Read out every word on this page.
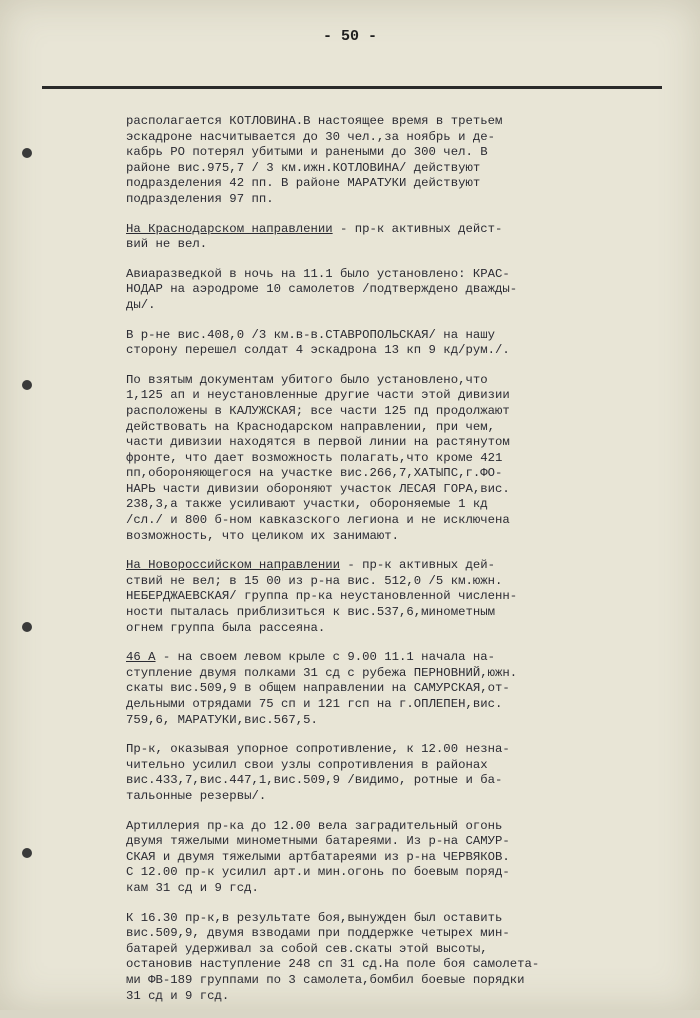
- 50 -
располагается КОТЛОВИНА.В настоящее время в третьем
эскадроне насчитывается до 30 чел.,за ноябрь и де-
кабрь РО потерял убитыми и ранеными до 300 чел. В
районе вис.975,7 / 3 км.ижн.КОТЛОВИНА/ действуют
подразделения 42 пп. В районе МАРАТУКИ действуют
подразделения 97 пп.
На Краснодарском направлении - пр-к активных дейст-
вий не вел.
Авиаразведкой в ночь на 11.1 было установлено: КРАС-
НОДАР на аэродроме 10 самолетов /подтверждено дважды-
ды/.
В р-не вис.408,0 /3 км.в-в.СТАВРОПОЛЬСКАЯ/ на нашу
сторону перешел солдат 4 эскадрона 13 кп 9 кд/рум./.
По взятым документам убитого было установлено,что
1,125 ап и неустановленные другие части этой дивизии
расположены в КАЛУЖСКАЯ; все части 125 пд продолжают
действовать на Краснодарском направлении, при чем,
части дивизии находятся в первой линии на растянутом
фронте, что дает возможность полагать,что кроме 421
пп,обороняющегося на участке вис.266,7,ХАТЫПС,г.ФО-
НАРЬ части дивизии обороняют участок ЛЕСАЯ ГОРА,вис.
238,3,а также усиливают участки, обороняемые 1 кд
/сл./ и 800 б-ном кавказского легиона и не исключена
возможность, что целиком их занимают.
На Новороссийском направлении - пр-к активных дей-
ствий не вел; в 15 00 из р-на вис. 512,0 /5 км.южн.
НЕБЕРДЖАЕВСКАЯ/ группа пр-ка неустановленной численн-
ности пыталась приблизиться к вис.537,6,минометным
огнем группа была рассеяна.
46 А - на своем левом крыле с 9.00 11.1 начала на-
ступление двумя полками 31 сд с рубежа ПЕРНОВНИЙ,южн.
скаты вис.509,9 в общем направлении на САМУРСКАЯ,от-
дельными отрядами 75 сп и 121 гсп на г.ОПЛЕПЕН,вис.
759,6, МАРАТУКИ,вис.567,5.
Пр-к, оказывая упорное сопротивление, к 12.00 незна-
чительно усилил свои узлы сопротивления в районах
вис.433,7,вис.447,1,вис.509,9 /видимо, ротные и ба-
тальонные резервы/.
Артиллерия пр-ка до 12.00 вела заградительный огонь
двумя тяжелыми минометными батареями. Из р-на САМУР-
СКАЯ и двумя тяжелыми артбатареями из р-на ЧЕРВЯКОВ.
С 12.00 пр-к усилил арт.и мин.огонь по боевым поряд-
кам 31 сд и 9 гсд.
К 16.30 пр-к,в результате боя,вынужден был оставить
вис.509,9, двумя взводами при поддержке четырех мин-
батарей удерживал за собой сев.скаты этой высоты,
остановив наступление 248 сп 31 сд.На поле боя самолета-
ми ФВ-189 группами по 3 самолета,бомбил боевые порядки
31 сд и 9 гсд.
